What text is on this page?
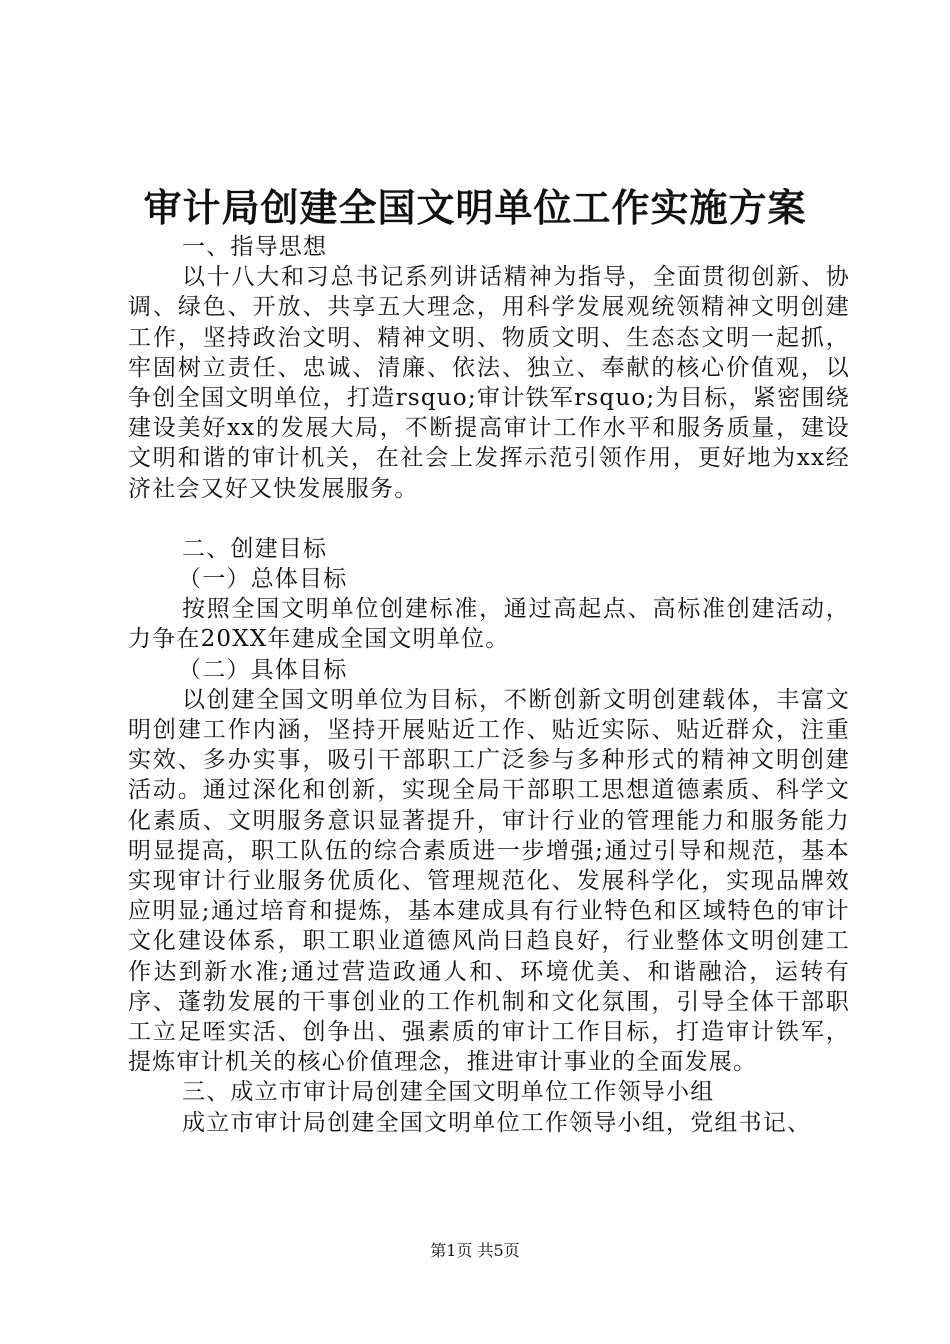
审计局创建全国文明单位工作实施方案

一、指导思想

以十八大和习总书记系列讲话精神为指导，全面贯彻创新、协调、绿色、开放、共享五大理念，用科学发展观统领精神文明创建工作，坚持政治文明、精神文明、物质文明、生态态文明一起抓，牢固树立责任、忠诚、清廉、依法、独立、奉献的核心价值观，以争创全国文明单位，打造rsquo;审计铁军rsquo;为目标，紧密围绕建设美好xx的发展大局，不断提高审计工作水平和服务质量，建设文明和谐的审计机关，在社会上发挥示范引领作用，更好地为xx经济社会又好又快发展服务。

二、创建目标

（一）总体目标

按照全国文明单位创建标准，通过高起点、高标准创建活动，力争在20XX年建成全国文明单位。

（二）具体目标

以创建全国文明单位为目标，不断创新文明创建载体，丰富文明创建工作内涵，坚持开展贴近工作、贴近实际、贴近群众，注重实效、多办实事，吸引干部职工广泛参与多种形式的精神文明创建活动。通过深化和创新，实现全局干部职工思想道德素质、科学文化素质、文明服务意识显著提升，审计行业的管理能力和服务能力明显提高，职工队伍的综合素质进一步增强;通过引导和规范，基本实现审计行业服务优质化、管理规范化、发展科学化，实现品牌效应明显;通过培育和提炼，基本建成具有行业特色和区域特色的审计文化建设体系，职工职业道德风尚日趋良好，行业整体文明创建工作达到新水准;通过营造政通人和、环境优美、和谐融洽，运转有序、蓬勃发展的干事创业的工作机制和文化氛围，引导全体干部职工立足咥实活、创争出、强素质的审计工作目标，打造审计铁军，提炼审计机关的核心价值理念，推进审计事业的全面发展。

三、成立市审计局创建全国文明单位工作领导小组

成立市审计局创建全国文明单位工作领导小组，党组书记、

第1页 共5页
